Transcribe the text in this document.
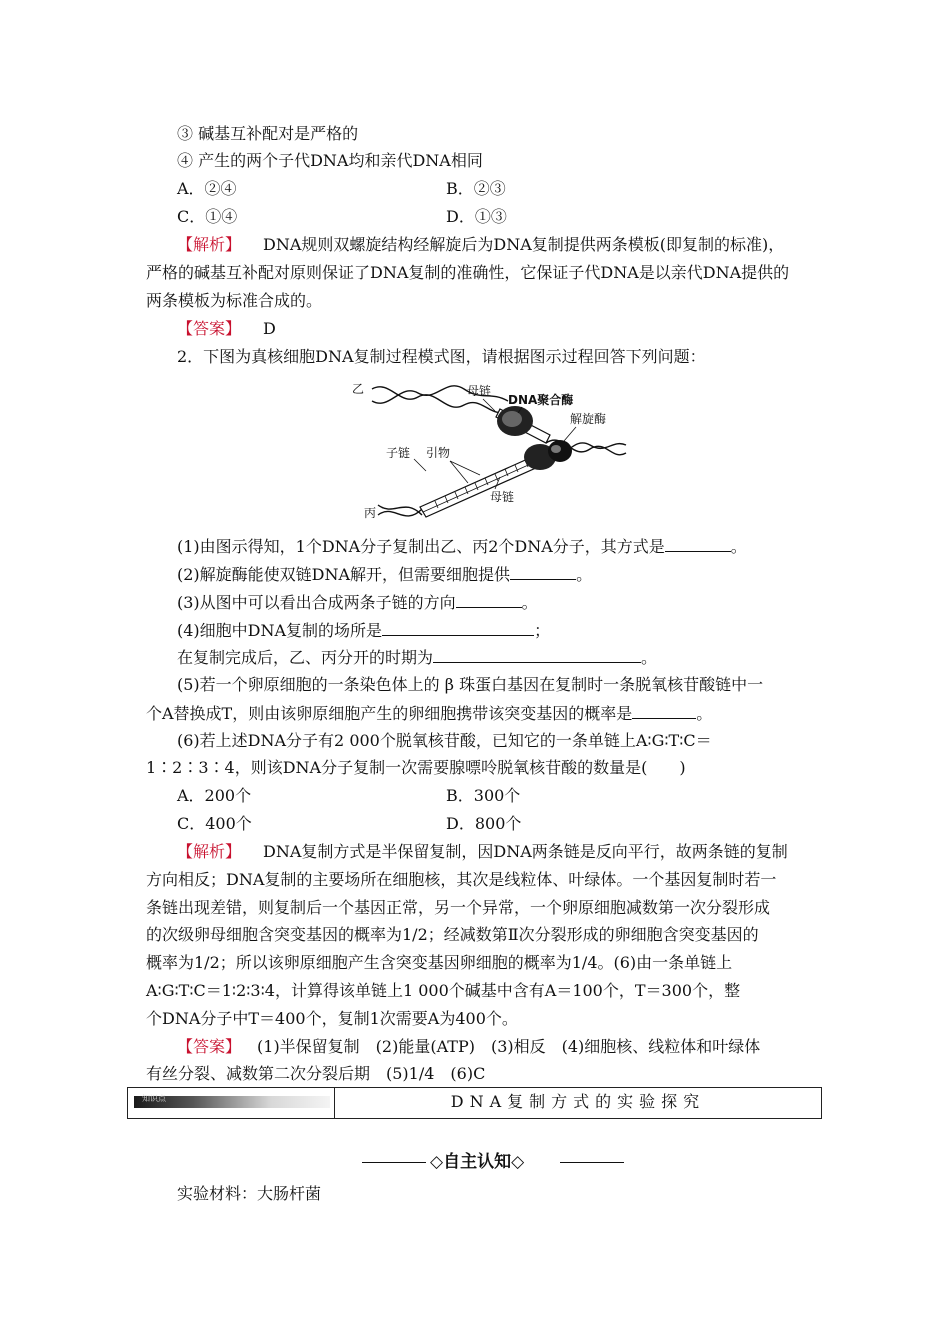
③ 碱基互补配对是严格的
④ 产生的两个子代DNA均和亲代DNA相同
A．②④	B．②③
C．①④	D．①③
【解析】 DNA规则双螺旋结构经解旋后为DNA复制提供两条模板(即复制的标准)，
严格的碱基互补配对原则保证了DNA复制的准确性，它保证子代DNA是以亲代DNA提供的
两条模板为标准合成的。
【答案】 D
2．下图为真核细胞DNA复制过程模式图，请根据图示过程回答下列问题：
乙	母链
DNA聚合酶
解旋酶
子链 引物
母链
丙
(1)由图示得知，1个DNA分子复制出乙、丙2个DNA分子，其方式是	。
(2)解旋酶能使双链DNA解开，但需要细胞提供	。
(3)从图中可以看出合成两条子链的方向	。
(4)细胞中DNA复制的场所是	；
在复制完成后，乙、丙分开的时期为	。
(5)若一个卵原细胞的一条染色体上的 β 珠蛋白基因在复制时一条脱氧核苷酸链中一
个A替换成T，则由该卵原细胞产生的卵细胞携带该突变基因的概率是	。
(6)若上述DNA分子有2 000个脱氧核苷酸，已知它的一条单链上A∶G∶T∶C＝
1∶2∶3∶4，则该DNA分子复制一次需要腺嘌呤脱氧核苷酸的数量是(　　)
A．200个	B．300个
C．400个	D．800个
【解析】 DNA复制方式是半保留复制，因DNA两条链是反向平行，故两条链的复制
方向相反；DNA复制的主要场所在细胞核，其次是线粒体、叶绿体。一个基因复制时若一
条链出现差错，则复制后一个基因正常，另一个异常，一个卵原细胞减数第一次分裂形成
的次级卵母细胞含突变基因的概率为1/2；经减数第Ⅱ次分裂形成的卵细胞含突变基因的
概率为1/2；所以该卵原细胞产生含突变基因卵细胞的概率为1/4。(6)由一条单链上
A∶G∶T∶C＝1∶2∶3∶4，计算得该单链上1 000个碱基中含有A＝100个，T＝300个，整
个DNA分子中T＝400个，复制1次需要A为400个。
【答案】 (1)半保留复制　(2)能量(ATP)　(3)相反　(4)细胞核、线粒体和叶绿体
有丝分裂、减数第二次分裂后期　(5)1/4　(6)C
知识点	DNA复制方式的实验探究
◇自主认知◇
实验材料：大肠杆菌
